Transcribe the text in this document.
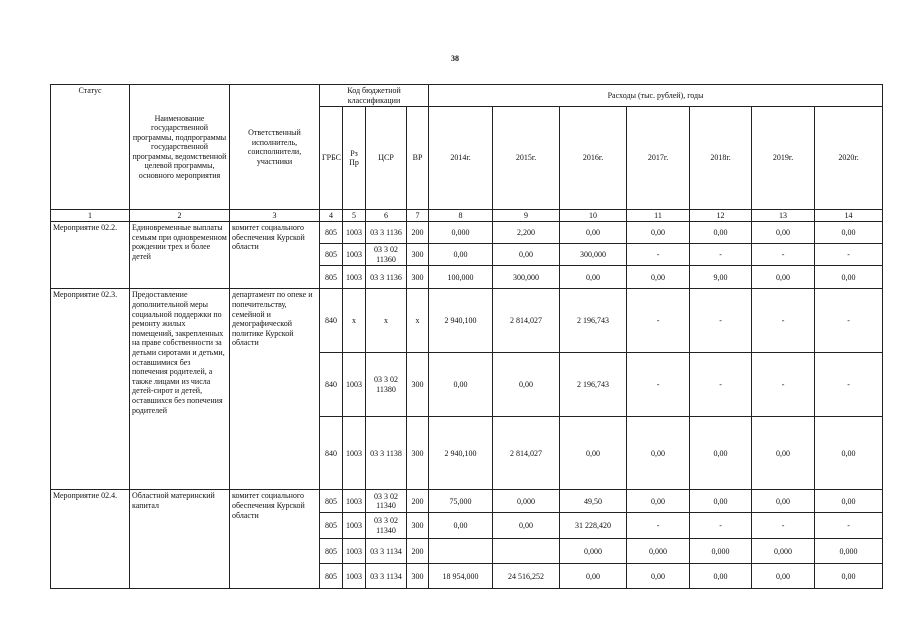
38
Статус	Наименование государственной программы, подпрограммы государственной программы, ведомственной целевой программы, основного мероприятия	Ответственный исполнитель, соисполнители, участники	Код бюджетной классификации				Расходы (тыс. рублей), годы						
			ГРБС	Рз Пр	ЦСР	ВР	2014г.	2015г.	2016г.	2017г.	2018г.	2019г.	2020г.
1	2	3	4	5	6	7	8	9	10	11	12	13	14
Мероприятие 02.2.	Единовременные выплаты семьям при одновременном рождении трех и более детей	комитет социального обеспечения Курской области	805	1003	03 3 1136	200	0,000	2,200	0,00	0,00	0,00	0,00	0,00
			805	1003	03 3 02 11360	300	0,00	0,00	300,000	-	-	-	-
			805	1003	03 3 1136	300	100,000	300,000	0,00	0,00	9,00	0,00	0,00
Мероприятие 02.3.	Предоставление дополнительной меры социальной поддержки по ремонту жилых помещений, закрепленных на праве собственности за детьми сиротами и детьми, оставшимися без попечения родителей, а также лицами из числа детей-сирот и детей, оставшихся без попечения родителей	департамент по опеке и попечительству, семейной и демографической политике Курской области	840	х	х	х	2 940,100	2 814,027	2 196,743	-	-	-	-
			840	1003	03 3 02 11380	300	0,00	0,00	2 196,743	-	-	-	-
			840	1003	03 3 1138	300	2 940,100	2 814,027	0,00	0,00	0,00	0,00	0,00
Мероприятие 02.4.	Областной материнский капитал	комитет социального обеспечения Курской области	805	1003	03 3 02 11340	200	75,000	0,000	49,50	0,00	0,00	0,00	0,00
			805	1003	03 3 02 11340	300	0,00	0,00	31 228,420	-	-	-	-
			805	1003	03 3 1134	200			0,000	0,000	0,000	0,000	0,000
			805	1003	03 3 1134	300	18 954,000	24 516,252	0,00	0,00	0,00	0,00	0,00
